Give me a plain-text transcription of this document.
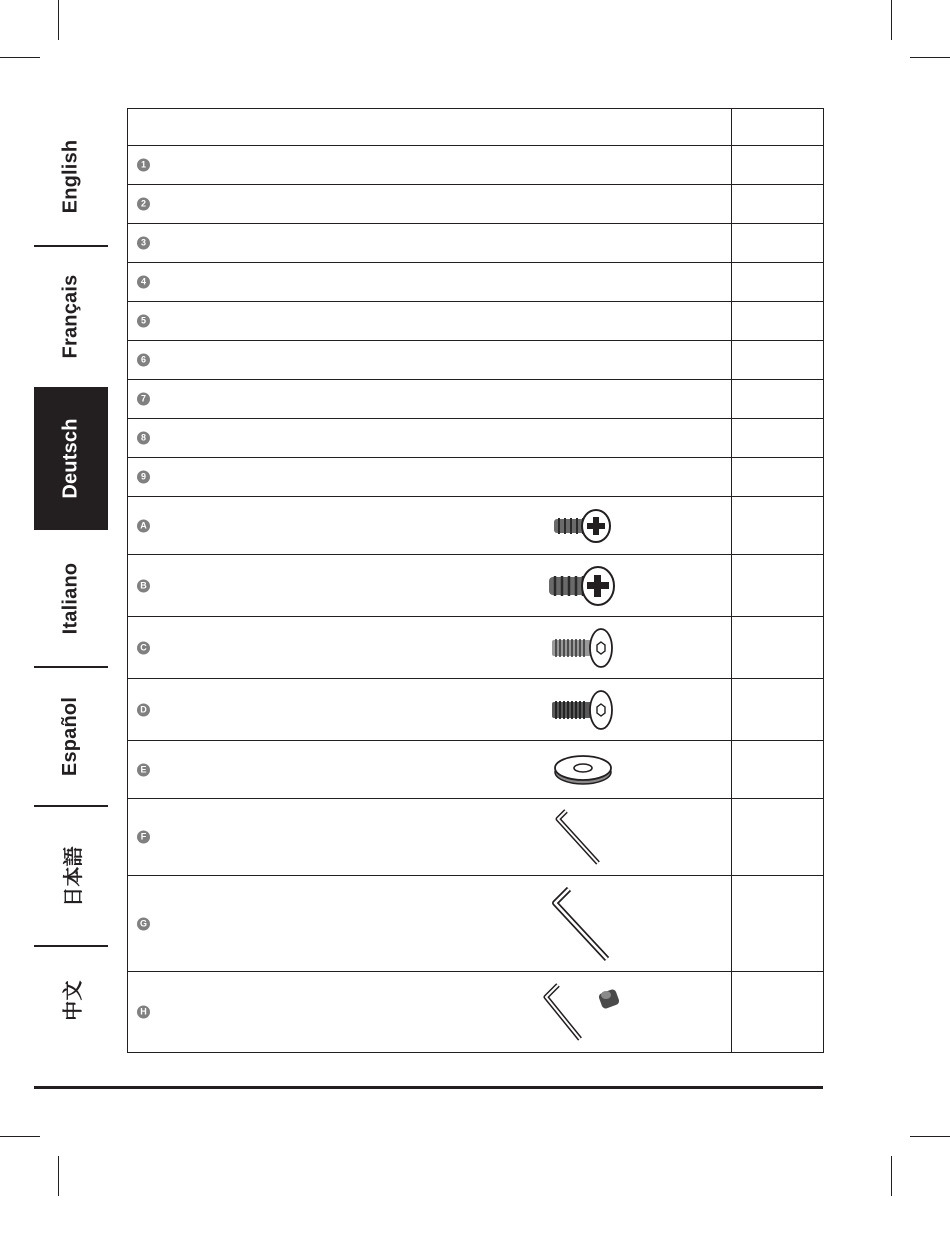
English
Français
Deutsch
Italiano
Español
日本語
中文

1	

2	

3	

4	

5	

6	

7	

8	

9	

A	

B	

C	

D	

E	

F	

G	

H	
